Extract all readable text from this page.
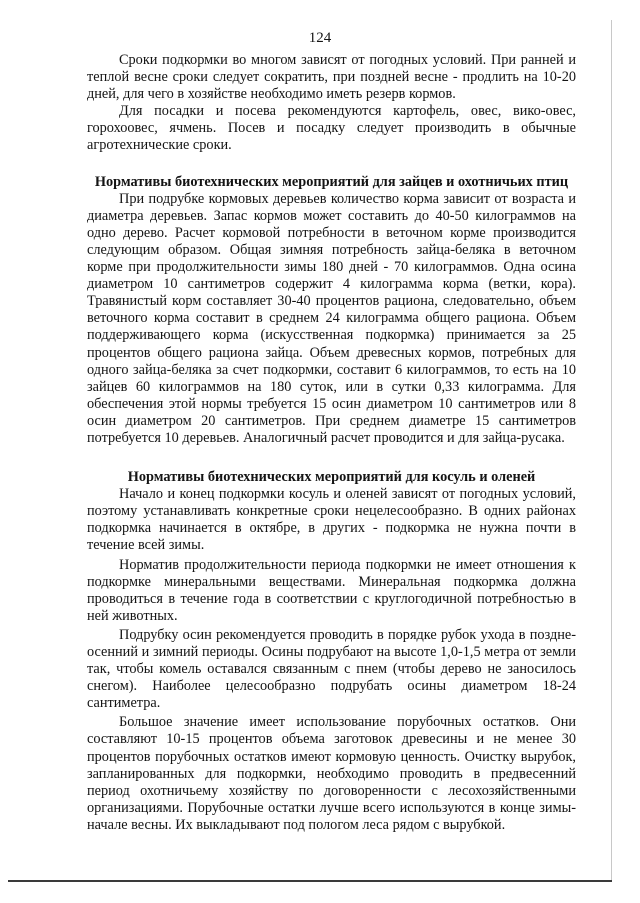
124

Сроки подкормки во многом зависят от погодных условий. При ранней и теплой весне сроки следует сократить, при поздней весне - продлить на 10-20 дней, для чего в хозяйстве необходимо иметь резерв кормов.

Для посадки и посева рекомендуются картофель, овес, вико-овес, горохоовес, ячмень. Посев и посадку следует производить в обычные агротехнические сроки.

Нормативы биотехнических мероприятий для зайцев и охотничьих птиц

При подрубке кормовых деревьев количество корма зависит от возраста и диаметра деревьев. Запас кормов может составить до 40-50 килограммов на одно дерево. Расчет кормовой потребности в веточном корме производится следующим образом. Общая зимняя потребность зайца-беляка в веточном корме при продолжительности зимы 180 дней - 70 килограммов. Одна осина диаметром 10 сантиметров содержит 4 килограмма корма (ветки, кора). Травянистый корм составляет 30-40 процентов рациона, следовательно, объем веточного корма составит в среднем 24 килограмма общего рациона. Объем поддерживающего корма (искусственная подкормка) принимается за 25 процентов общего рациона зайца. Объем древесных кормов, потребных для одного зайца-беляка за счет подкормки, составит 6 килограммов, то есть на 10 зайцев 60 килограммов на 180 суток, или в сутки 0,33 килограмма. Для обеспечения этой нормы требуется 15 осин диаметром 10 сантиметров или 8 осин диаметром 20 сантиметров. При среднем диаметре 15 сантиметров потребуется 10 деревьев. Аналогичный расчет проводится и для зайца-русака.

Нормативы биотехнических мероприятий для косуль и оленей

Начало и конец подкормки косуль и оленей зависят от погодных условий, поэтому устанавливать конкретные сроки нецелесообразно. В одних районах подкормка начинается в октябре, в других - подкормка не нужна почти в течение всей зимы.

Норматив продолжительности периода подкормки не имеет отношения к подкормке минеральными веществами. Минеральная подкормка должна проводиться в течение года в соответствии с круглогодичной потребностью в ней животных.

Подрубку осин рекомендуется проводить в порядке рубок ухода в позднеосенний и зимний периоды. Осины подрубают на высоте 1,0-1,5 метра от земли так, чтобы комель оставался связанным с пнем (чтобы дерево не заносилось снегом). Наиболее целесообразно подрубать осины диаметром 18-24 сантиметра.

Большое значение имеет использование порубочных остатков. Они составляют 10-15 процентов объема заготовок древесины и не менее 30 процентов порубочных остатков имеют кормовую ценность. Очистку вырубок, запланированных для подкормки, необходимо проводить в предвесенний период охотничьему хозяйству по договоренности с лесохозяйственными организациями. Порубочные остатки лучше всего используются в конце зимы-начале весны. Их выкладывают под пологом леса рядом с вырубкой.
